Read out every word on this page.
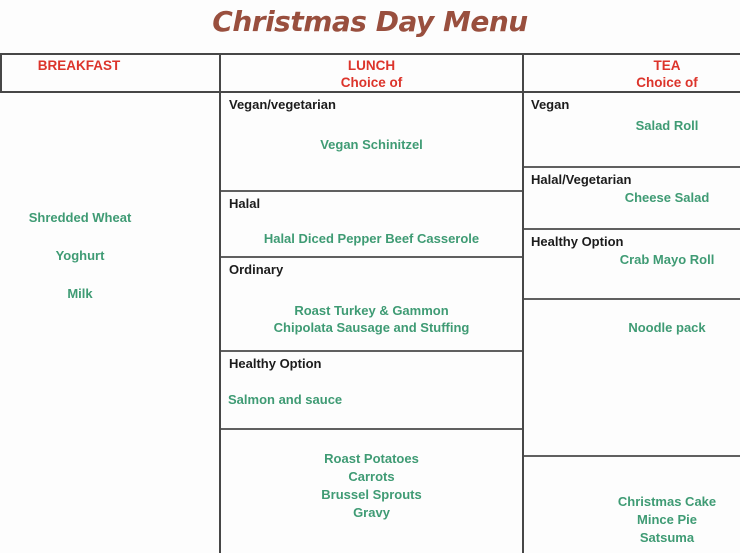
Christmas Day Menu
BREAKFAST	LUNCH
Choice of
TEA
Choice of
Shredded Wheat
Yoghurt
Milk
Vegan/vegetarian
Vegan Schinitzel
Halal
Halal Diced Pepper Beef Casserole
Ordinary
Roast Turkey & Gammon
Chipolata Sausage and Stuffing
Healthy Option
Salmon and sauce
Roast Potatoes
Carrots
Brussel Sprouts
Gravy
Vegan
Salad Roll
Halal/Vegetarian
Cheese Salad
Healthy Option
Crab Mayo Roll
Noodle pack
Christmas Cake
Mince Pie
Satsuma
